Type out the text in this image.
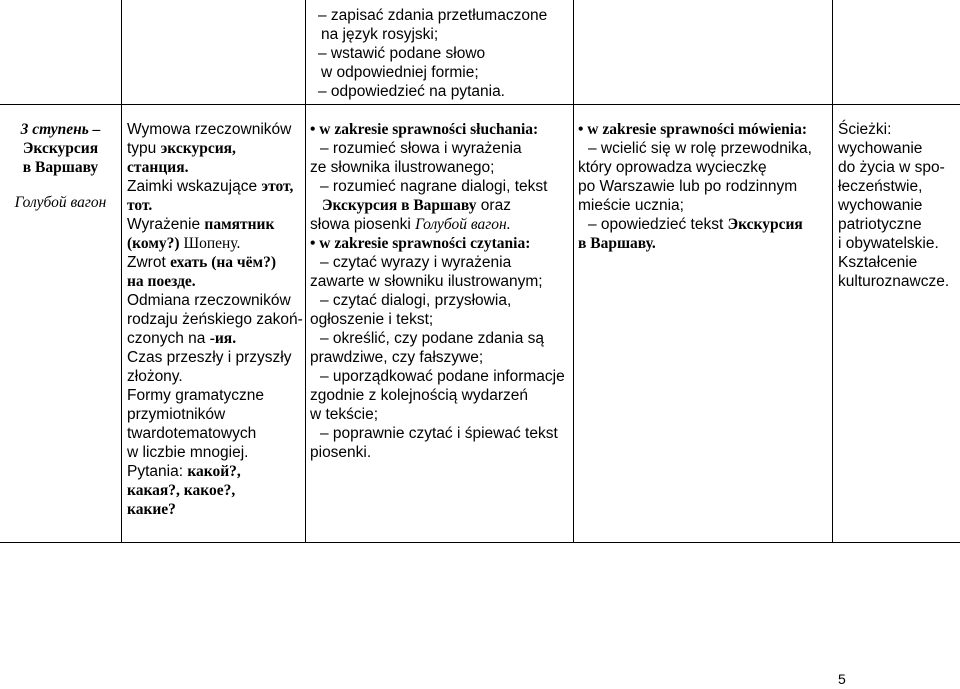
– zapisać zdania przetłumaczone

na język rosyjski;

– wstawić podane słowo

w odpowiedniej formie;

– odpowiedzieć na pytania.

3 ступень –

Экскурсия

в Варшаву

Голубой вагон

Wymowa rzeczowników

typu экскурсия,

станция.

Zaimki wskazujące этот,

тот.

Wyrażenie памятник

(кому?) Шопену.

Zwrot ехать (на чём?)

на поезде.

Odmiana rzeczowników

rodzaju żeńskiego zakoń-

czonych na -ия.

Czas przeszły i przyszły

złożony.

Formy gramatyczne

przymiotników

twardotematowych

w liczbie mnogiej.

Pytania: какой?,

какая?, какое?,

какие?

• w zakresie sprawności słuchania:

– rozumieć słowa i wyrażenia

ze słownika ilustrowanego;

– rozumieć nagrane dialogi, tekst

Экскурсия в Варшаву oraz

słowa piosenki Голубой вагон.

• w zakresie sprawności czytania:

– czytać wyrazy i wyrażenia

zawarte w słowniku ilustrowanym;

– czytać dialogi, przysłowia,

ogłoszenie i tekst;

– określić, czy podane zdania są

prawdziwe, czy fałszywe;

– uporządkować podane informacje

zgodnie z kolejnością wydarzeń

w tekście;

– poprawnie czytać i śpiewać tekst

piosenki.

• w zakresie sprawności mówienia:

– wcielić się w rolę przewodnika,

który oprowadza wycieczkę

po Warszawie lub po rodzinnym

mieście ucznia;

– opowiedzieć tekst Экскурсия

в Варшаву.

Ścieżki:

wychowanie

do życia w spo-

łeczeństwie,

wychowanie

patriotyczne

i obywatelskie.

Kształcenie

kulturoznawcze.

5
